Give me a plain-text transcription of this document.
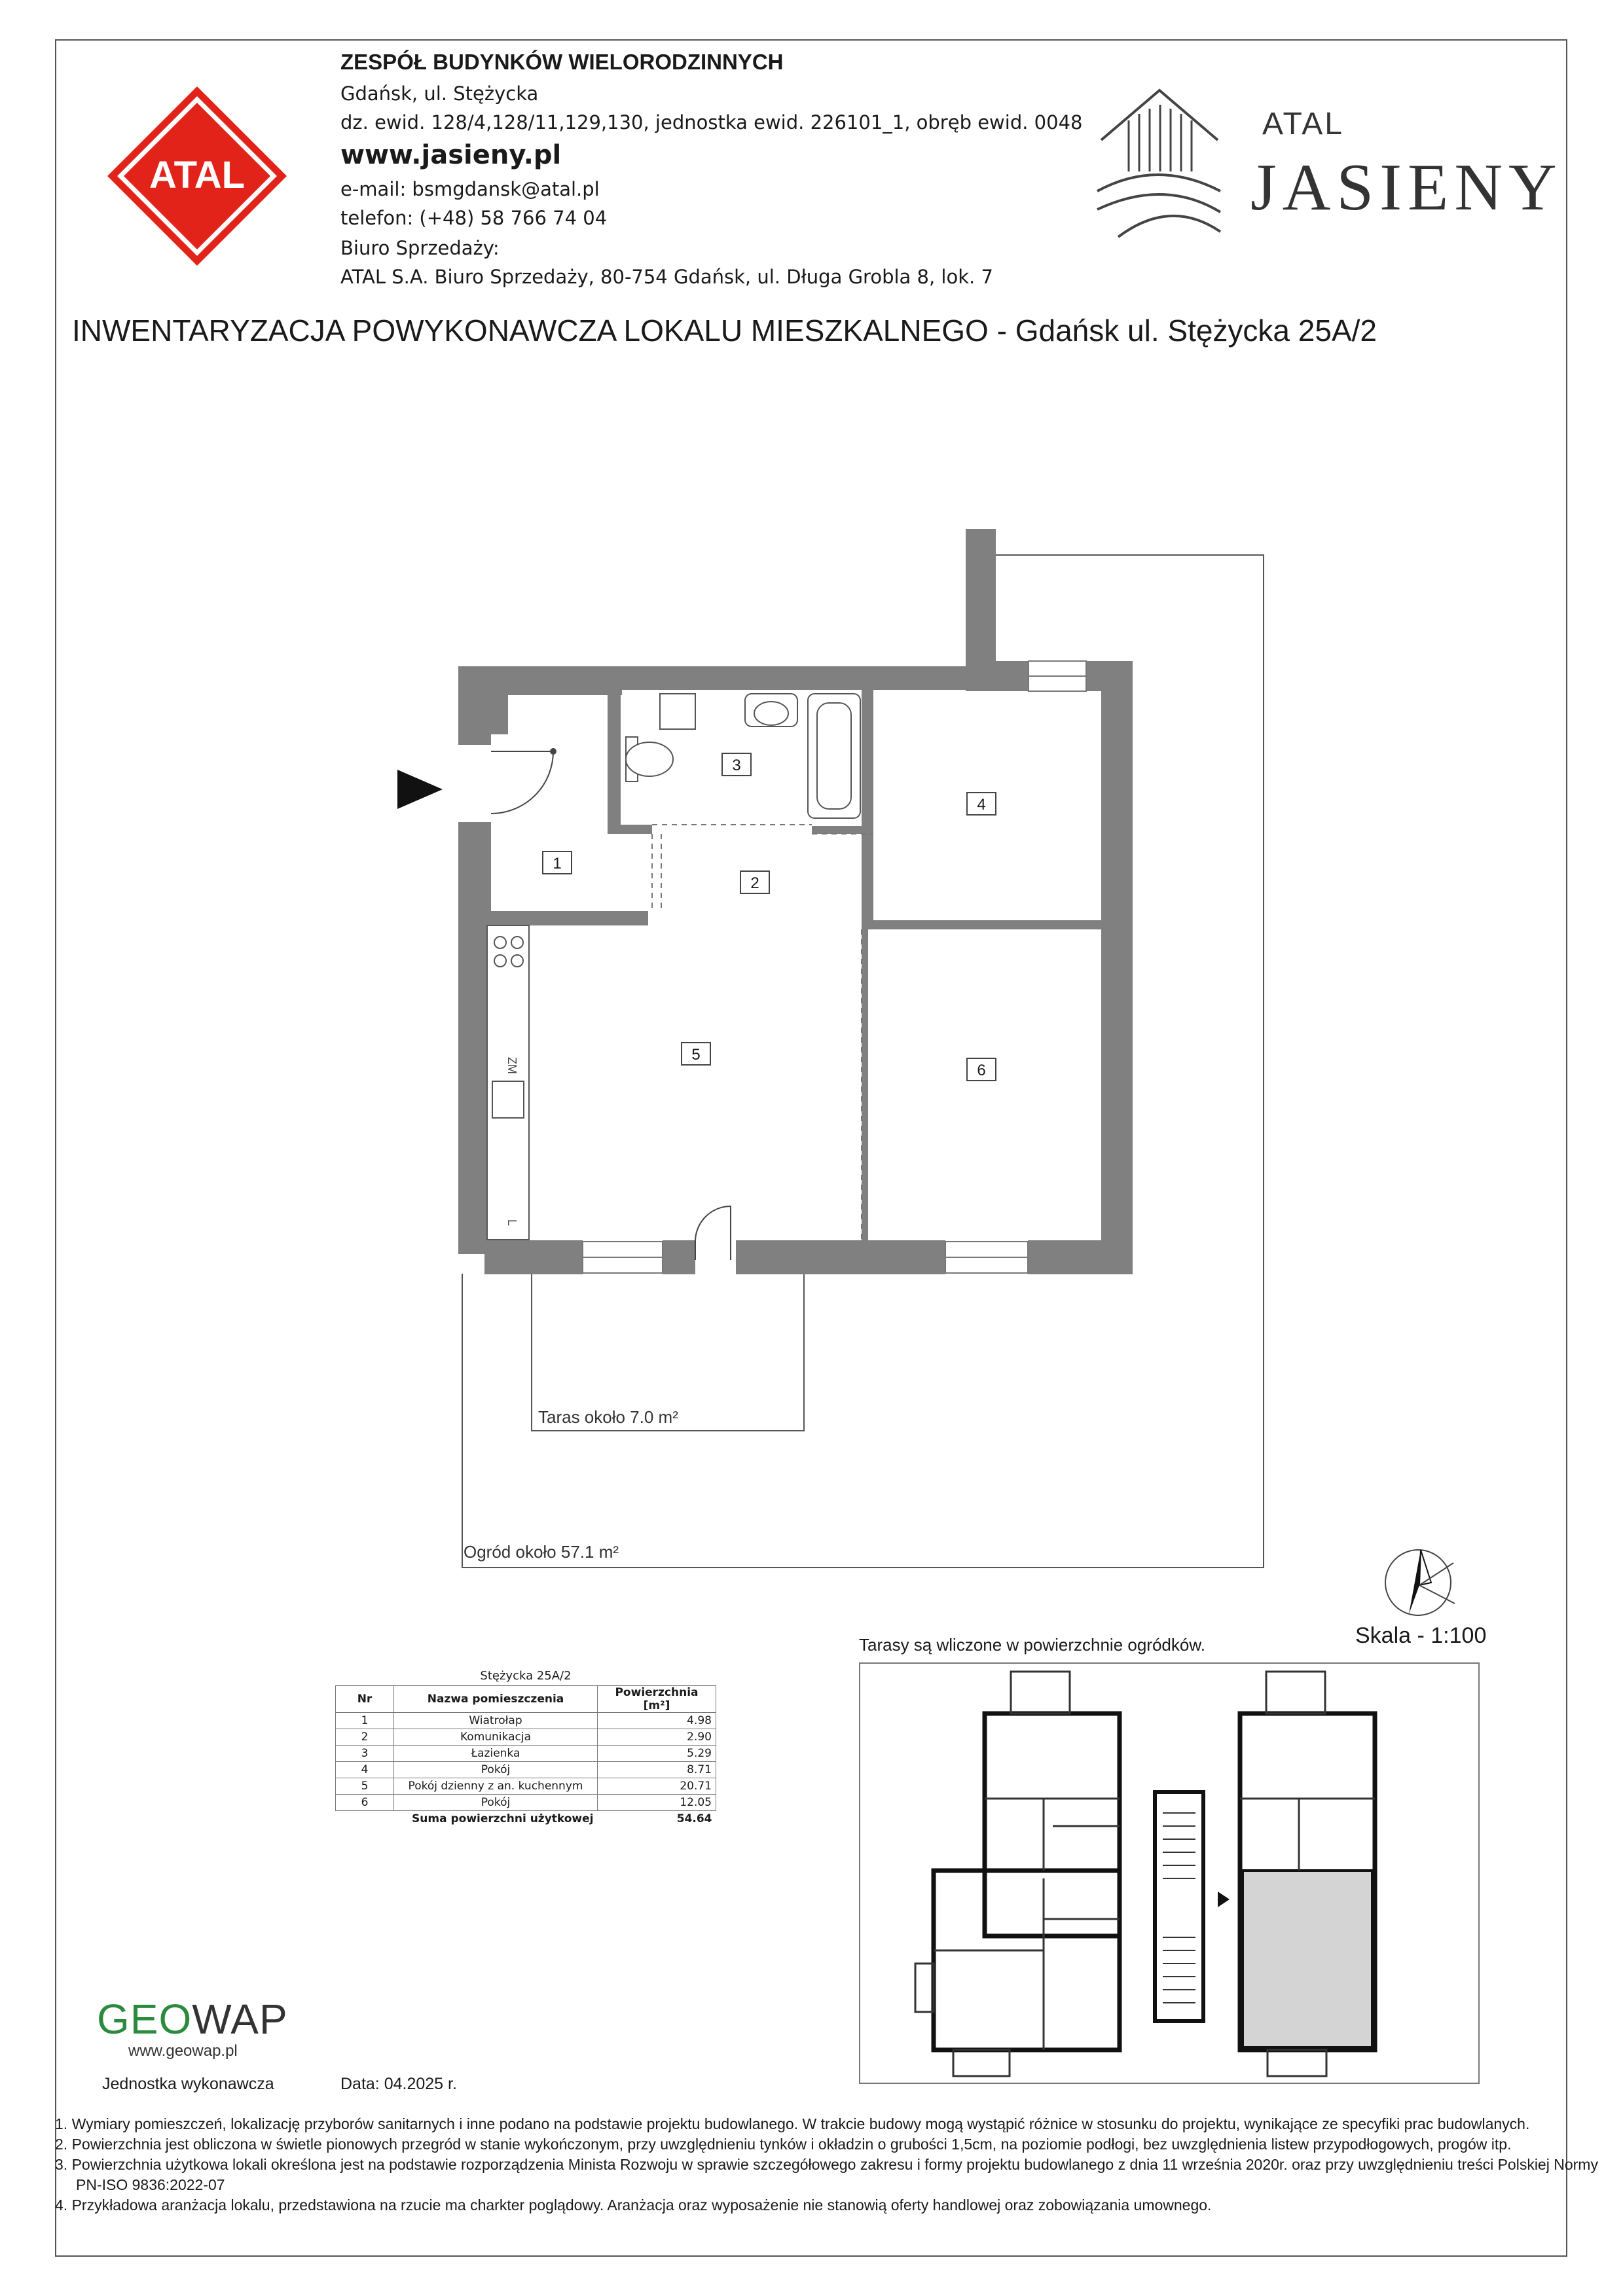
ATAL
ZESPÓŁ BUDYNKÓW WIELORODZINNYCH
Gdańsk, ul. Stężycka
dz. ewid. 128/4,128/11,129,130, jednostka ewid. 226101_1, obręb ewid. 0048
www.jasieny.pl
e-mail: bsmgdansk@atal.pl
telefon: (+48) 58 766 74 04
Biuro Sprzedaży:
ATAL S.A. Biuro Sprzedaży, 80-754 Gdańsk, ul. Długa Grobla 8, lok. 7
ATAL
JASIENY
INWENTARYZACJA POWYKONAWCZA LOKALU MIESZKALNEGO - Gdańsk ul. Stężycka 25A/2
ZM
L
1
2
3
4
5
6
Taras około 7.0 m²
Ogród około 57.1 m²
Skala - 1:100
Stężycka 25A/2		
Nr	Nazwa pomieszczenia	Powierzchnia [m²]
1	Wiatrołap	4.98
2	Komunikacja	2.90
3	Łazienka	5.29
4	Pokój	8.71
5	Pokój dzienny z an. kuchennym	20.71
6	Pokój	12.05
	Suma powierzchni użytkowej	54.64
Tarasy są wliczone w powierzchnie ogródków.
GEOWAP
www.geowap.pl
Jednostka wykonawcza	Data: 04.2025 r.
1. Wymiary pomieszczeń, lokalizację przyborów sanitarnych i inne podano na podstawie projektu budowlanego. W trakcie budowy mogą wystąpić różnice w stosunku do projektu, wynikające ze specyfiki prac budowlanych.
2. Powierzchnia jest obliczona w świetle pionowych przegród w stanie wykończonym, przy uwzględnieniu tynków i okładzin o grubości 1,5cm, na poziomie podłogi, bez uwzględnienia listew przypodłogowych, progów itp.
3. Powierzchnia użytkowa lokali określona jest na podstawie rozporządzenia Minista Rozwoju w sprawie szczegółowego zakresu i formy projektu budowlanego z dnia 11 września 2020r. oraz przy uwzględnieniu treści Polskiej Normy PN-ISO 9836:2022-07
4. Przykładowa aranżacja lokalu, przedstawiona na rzucie ma charkter poglądowy. Aranżacja oraz wyposażenie nie stanowią oferty handlowej oraz zobowiązania umownego.
